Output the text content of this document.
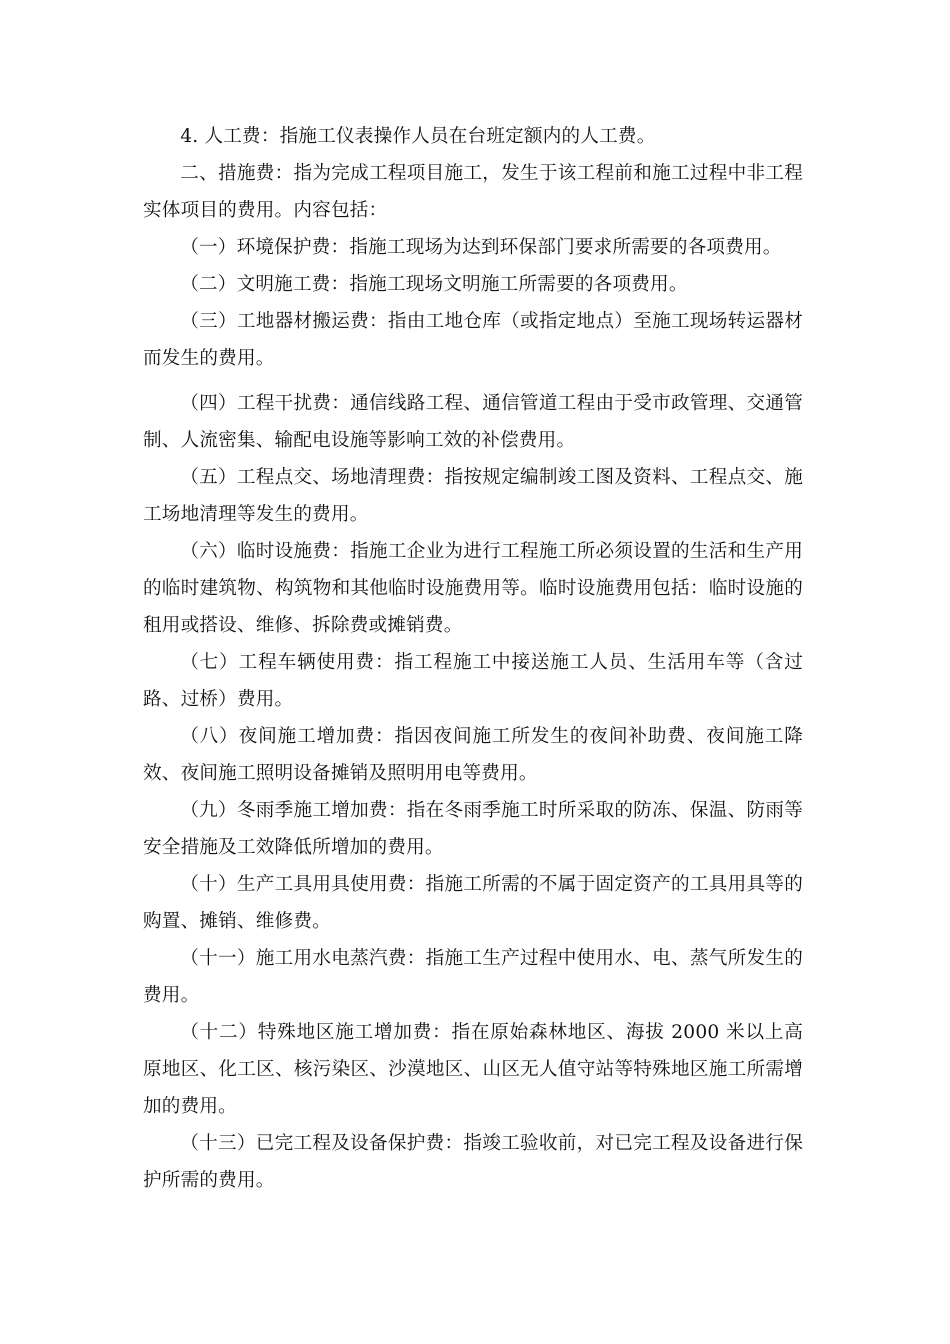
4. 人工费：指施工仪表操作人员在台班定额内的人工费。

二、措施费：指为完成工程项目施工，发生于该工程前和施工过程中非工程实体项目的费用。内容包括：

（一）环境保护费：指施工现场为达到环保部门要求所需要的各项费用。

（二）文明施工费：指施工现场文明施工所需要的各项费用。

（三）工地器材搬运费：指由工地仓库（或指定地点）至施工现场转运器材而发生的费用。

（四）工程干扰费：通信线路工程、通信管道工程由于受市政管理、交通管制、人流密集、输配电设施等影响工效的补偿费用。

（五）工程点交、场地清理费：指按规定编制竣工图及资料、工程点交、施工场地清理等发生的费用。

（六）临时设施费：指施工企业为进行工程施工所必须设置的生活和生产用的临时建筑物、构筑物和其他临时设施费用等。临时设施费用包括：临时设施的租用或搭设、维修、拆除费或摊销费。

（七）工程车辆使用费：指工程施工中接送施工人员、生活用车等（含过路、过桥）费用。

（八）夜间施工增加费：指因夜间施工所发生的夜间补助费、夜间施工降效、夜间施工照明设备摊销及照明用电等费用。

（九）冬雨季施工增加费：指在冬雨季施工时所采取的防冻、保温、防雨等安全措施及工效降低所增加的费用。

（十）生产工具用具使用费：指施工所需的不属于固定资产的工具用具等的购置、摊销、维修费。

（十一）施工用水电蒸汽费：指施工生产过程中使用水、电、蒸气所发生的费用。

（十二）特殊地区施工增加费：指在原始森林地区、海拔 2000 米以上高原地区、化工区、核污染区、沙漠地区、山区无人值守站等特殊地区施工所需增加的费用。

（十三）已完工程及设备保护费：指竣工验收前，对已完工程及设备进行保护所需的费用。
